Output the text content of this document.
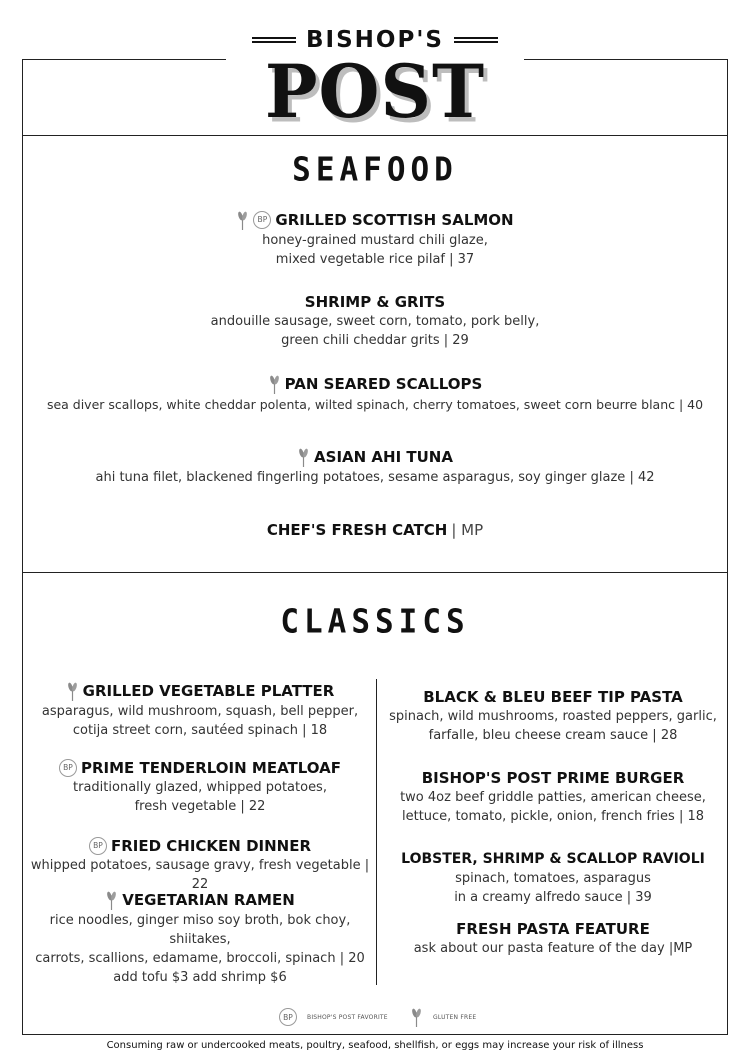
BISHOP'S
POST
SEAFOOD
BP GRILLED SCOTTISH SALMON
honey-grained mustard chili glaze,
mixed vegetable rice pilaf | 37
SHRIMP & GRITS
andouille sausage, sweet corn, tomato, pork belly,
green chili cheddar grits | 29
PAN SEARED SCALLOPS
sea diver scallops, white cheddar polenta, wilted spinach, cherry tomatoes, sweet corn beurre blanc | 40
ASIAN AHI TUNA
ahi tuna filet, blackened fingerling potatoes, sesame asparagus, soy ginger glaze | 42
CHEF'S FRESH CATCH | MP
CLASSICS
GRILLED VEGETABLE PLATTER
asparagus, wild mushroom, squash, bell pepper,
cotija street corn, sautéed spinach | 18
BP PRIME TENDERLOIN MEATLOAF
traditionally glazed, whipped potatoes,
fresh vegetable | 22
BP FRIED CHICKEN DINNER
whipped potatoes, sausage gravy, fresh vegetable | 22
VEGETARIAN RAMEN
rice noodles, ginger miso soy broth, bok choy, shiitakes,
carrots, scallions, edamame, broccoli, spinach | 20
add tofu $3 add shrimp $6
BLACK & BLEU BEEF TIP PASTA
spinach, wild mushrooms, roasted peppers, garlic,
farfalle, bleu cheese cream sauce | 28
BISHOP'S POST PRIME BURGER
two 4oz beef griddle patties, american cheese,
lettuce, tomato, pickle, onion, french fries | 18
LOBSTER, SHRIMP & SCALLOP RAVIOLI
spinach, tomatoes, asparagus
in a creamy alfredo sauce | 39
FRESH PASTA FEATURE
ask about our pasta feature of the day |MP
BP	BISHOP'S POST FAVORITE	GLUTEN FREE
Consuming raw or undercooked meats, poultry, seafood, shellfish, or eggs may increase your risk of illness
